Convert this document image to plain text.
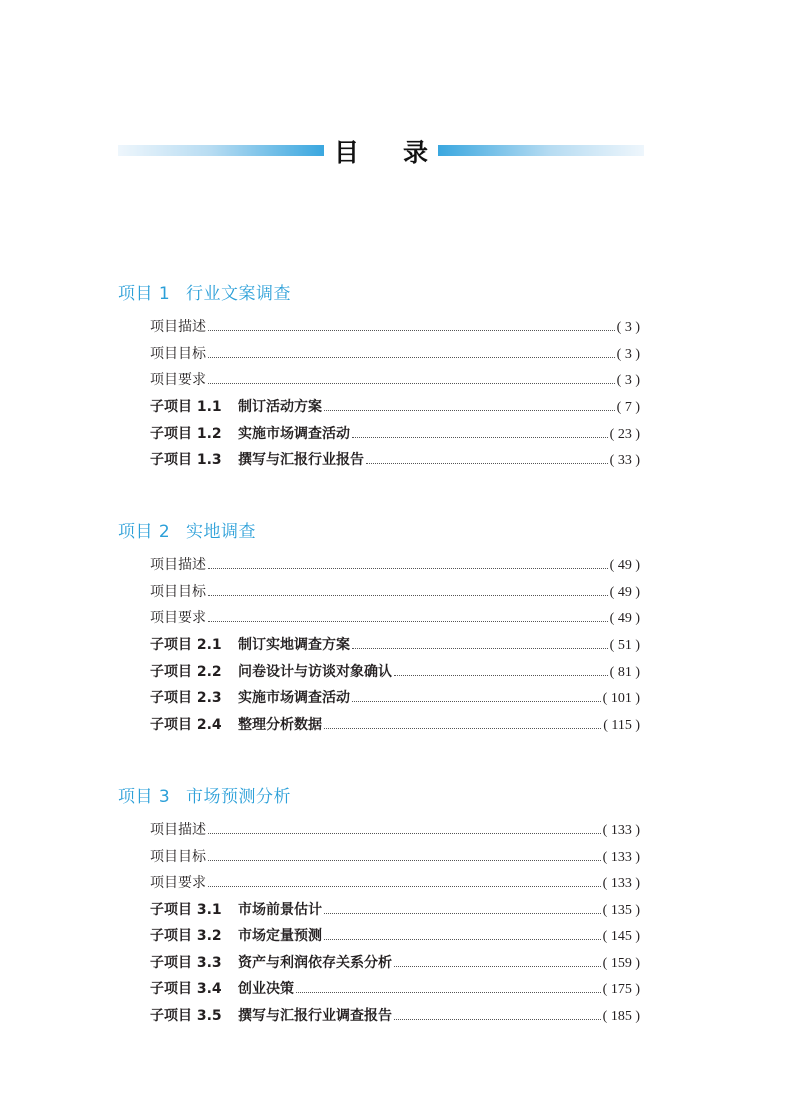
目 录
项目 1 行业文案调查
项目描述	( 3 )
项目目标	( 3 )
项目要求	( 3 )
子项目 1.1	制订活动方案	( 7 )
子项目 1.2	实施市场调查活动	( 23 )
子项目 1.3	撰写与汇报行业报告	( 33 )
项目 2 实地调查
项目描述	( 49 )
项目目标	( 49 )
项目要求	( 49 )
子项目 2.1	制订实地调查方案	( 51 )
子项目 2.2	问卷设计与访谈对象确认	( 81 )
子项目 2.3	实施市场调查活动	( 101 )
子项目 2.4	整理分析数据	( 115 )
项目 3 市场预测分析
项目描述	( 133 )
项目目标	( 133 )
项目要求	( 133 )
子项目 3.1	市场前景估计	( 135 )
子项目 3.2	市场定量预测	( 145 )
子项目 3.3	资产与利润依存关系分析	( 159 )
子项目 3.4	创业决策	( 175 )
子项目 3.5	撰写与汇报行业调查报告	( 185 )
